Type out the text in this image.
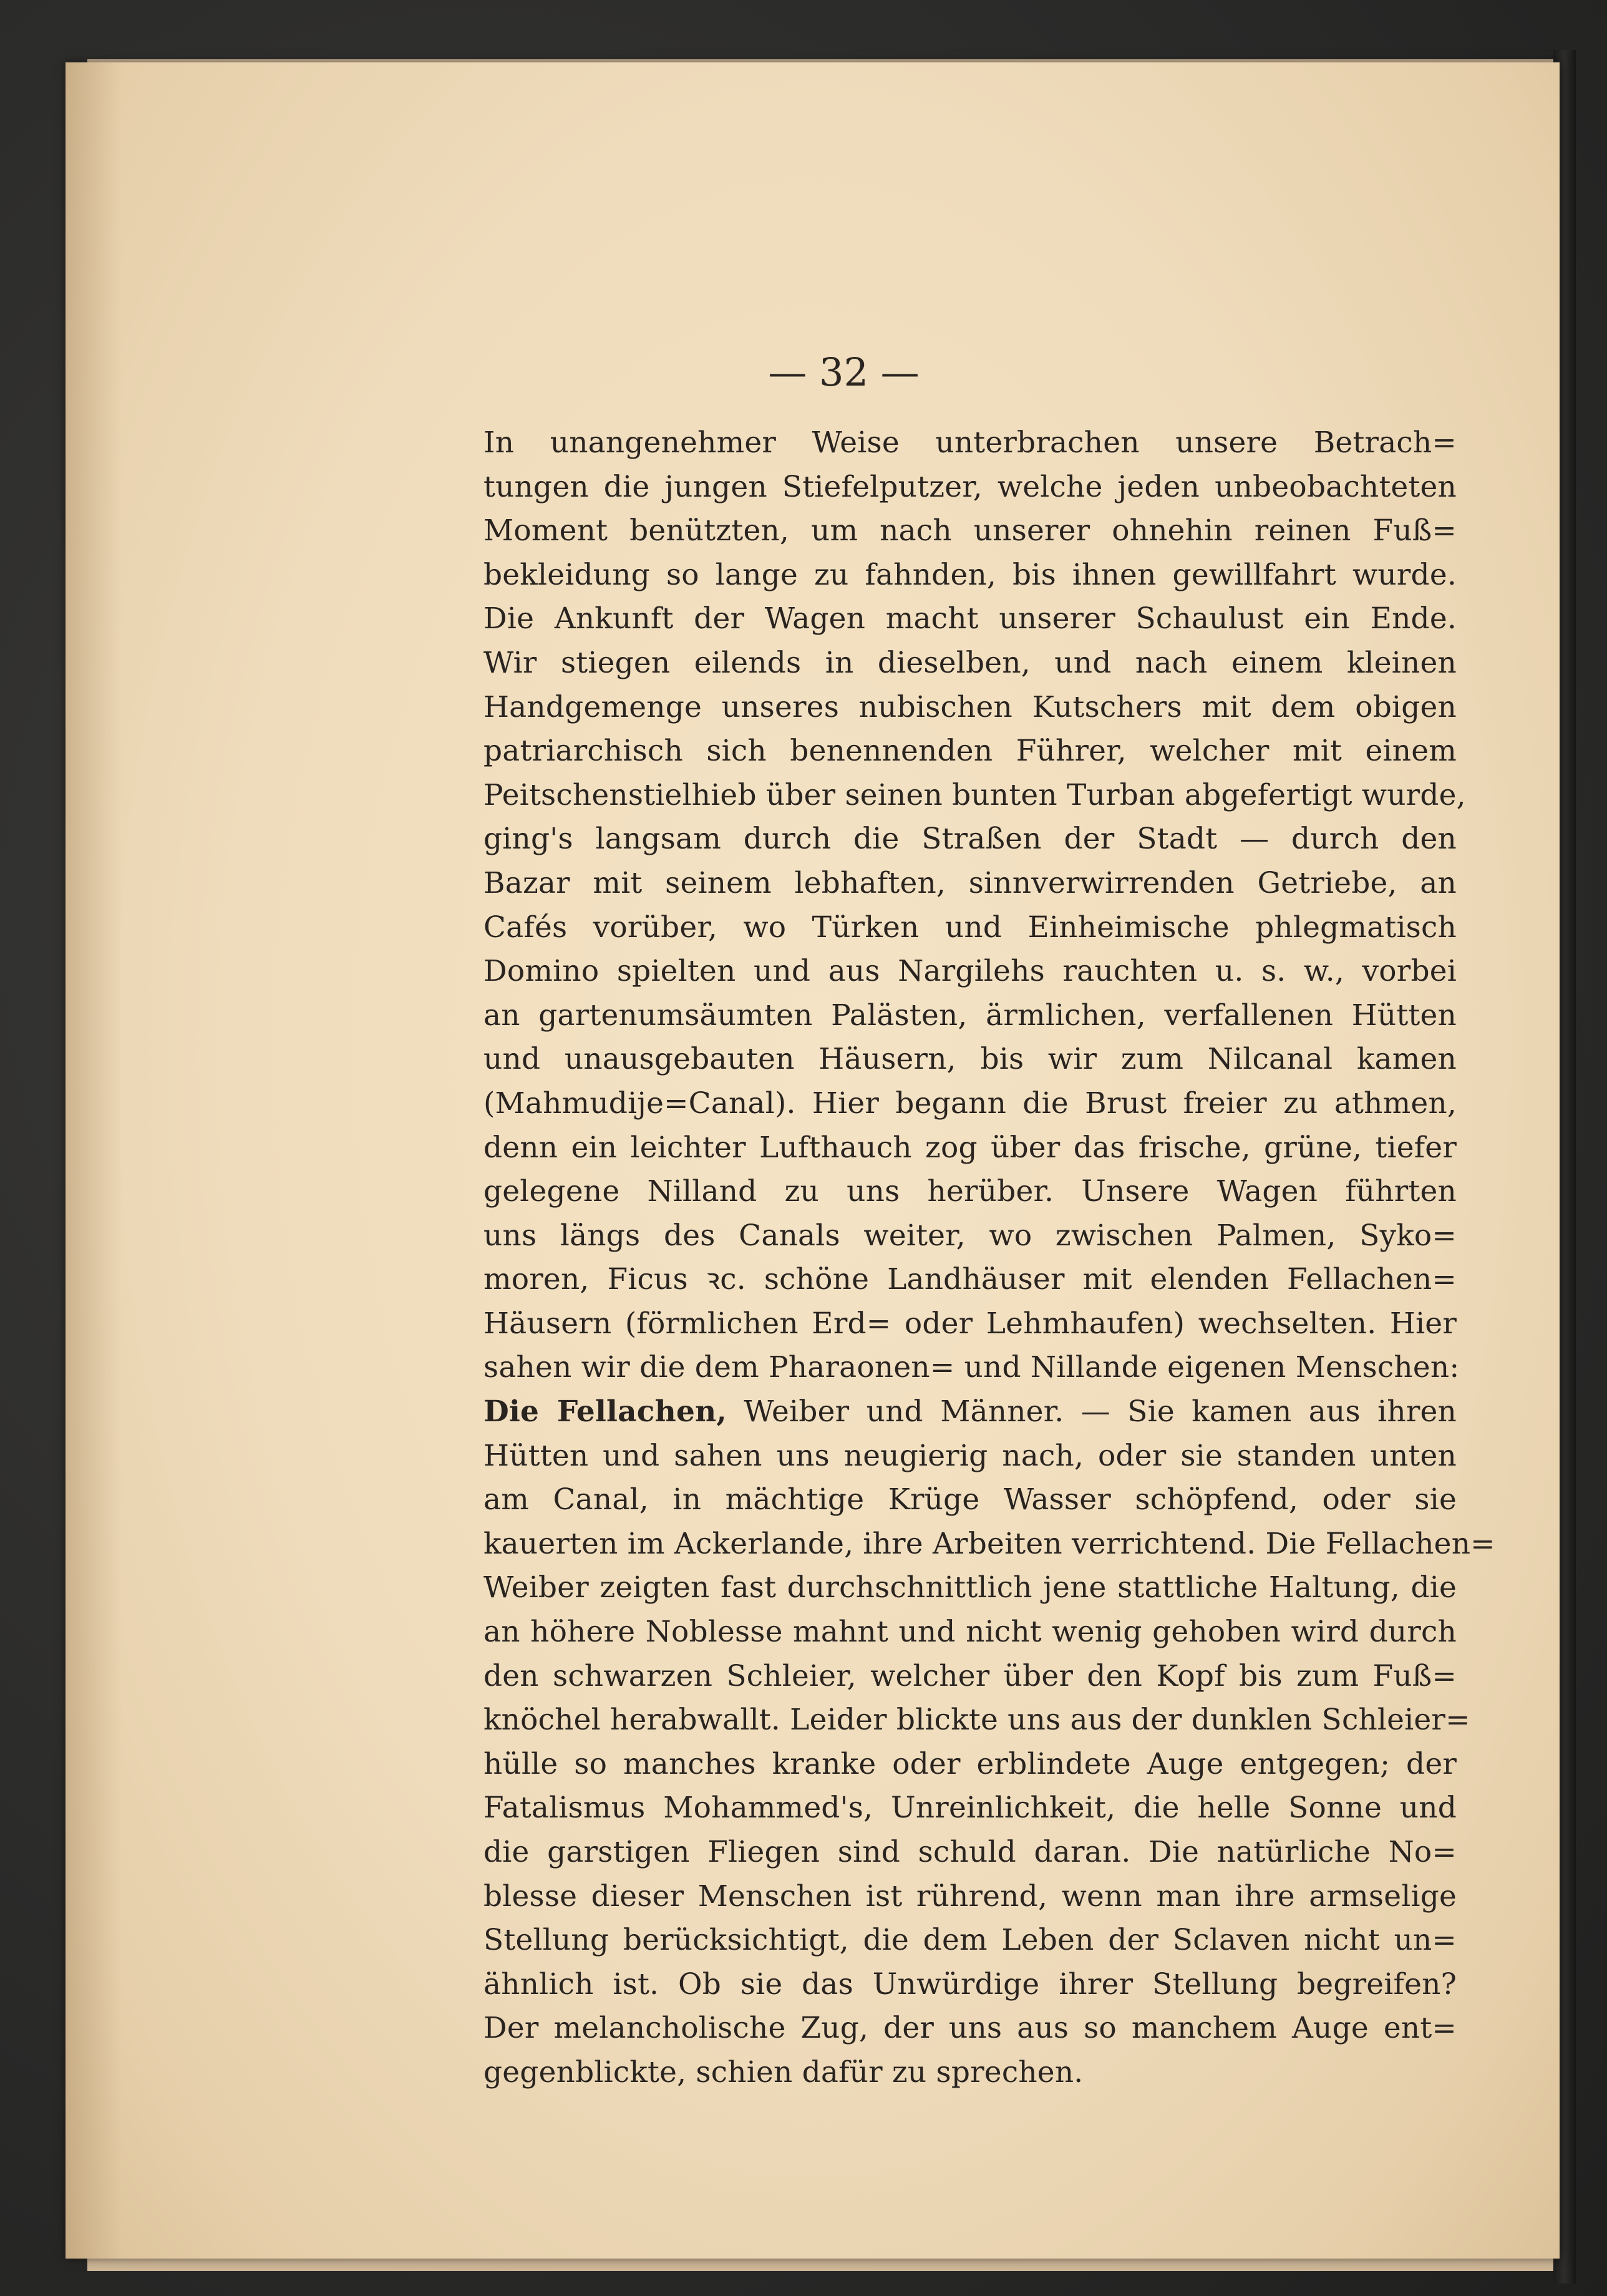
— 32 —

In unangenehmer Weise unterbrachen unsere Betrach=
tungen die jungen Stiefelputzer, welche jeden unbeobachteten
Moment benützten, um nach unserer ohnehin reinen Fuß=
bekleidung so lange zu fahnden, bis ihnen gewillfahrt wurde.
Die Ankunft der Wagen macht unserer Schaulust ein Ende.
Wir stiegen eilends in dieselben, und nach einem kleinen
Handgemenge unseres nubischen Kutschers mit dem obigen
patriarchisch sich benennenden Führer, welcher mit einem
Peitschenstielhieb über seinen bunten Turban abgefertigt wurde,
ging's langsam durch die Straßen der Stadt — durch den
Bazar mit seinem lebhaften, sinnverwirrenden Getriebe, an
Cafés vorüber, wo Türken und Einheimische phlegmatisch
Domino spielten und aus Nargilehs rauchten u. s. w., vorbei
an gartenumsäumten Palästen, ärmlichen, verfallenen Hütten
und unausgebauten Häusern, bis wir zum Nilcanal kamen
(Mahmudije=Canal). Hier begann die Brust freier zu athmen,
denn ein leichter Lufthauch zog über das frische, grüne, tiefer
gelegene Nilland zu uns herüber. Unsere Wagen führten
uns längs des Canals weiter, wo zwischen Palmen, Syko=
moren, Ficus ꝛc. schöne Landhäuser mit elenden Fellachen=
Häusern (förmlichen Erd= oder Lehmhaufen) wechselten. Hier
sahen wir die dem Pharaonen= und Nillande eigenen Menschen:
Die Fellachen, Weiber und Männer. — Sie kamen aus ihren
Hütten und sahen uns neugierig nach, oder sie standen unten
am Canal, in mächtige Krüge Wasser schöpfend, oder sie
kauerten im Ackerlande, ihre Arbeiten verrichtend. Die Fellachen=
Weiber zeigten fast durchschnittlich jene stattliche Haltung, die
an höhere Noblesse mahnt und nicht wenig gehoben wird durch
den schwarzen Schleier, welcher über den Kopf bis zum Fuß=
knöchel herabwallt. Leider blickte uns aus der dunklen Schleier=
hülle so manches kranke oder erblindete Auge entgegen; der
Fatalismus Mohammed's, Unreinlichkeit, die helle Sonne und
die garstigen Fliegen sind schuld daran. Die natürliche No=
blesse dieser Menschen ist rührend, wenn man ihre armselige
Stellung berücksichtigt, die dem Leben der Sclaven nicht un=
ähnlich ist. Ob sie das Unwürdige ihrer Stellung begreifen?
Der melancholische Zug, der uns aus so manchem Auge ent=
gegenblickte, schien dafür zu sprechen.
